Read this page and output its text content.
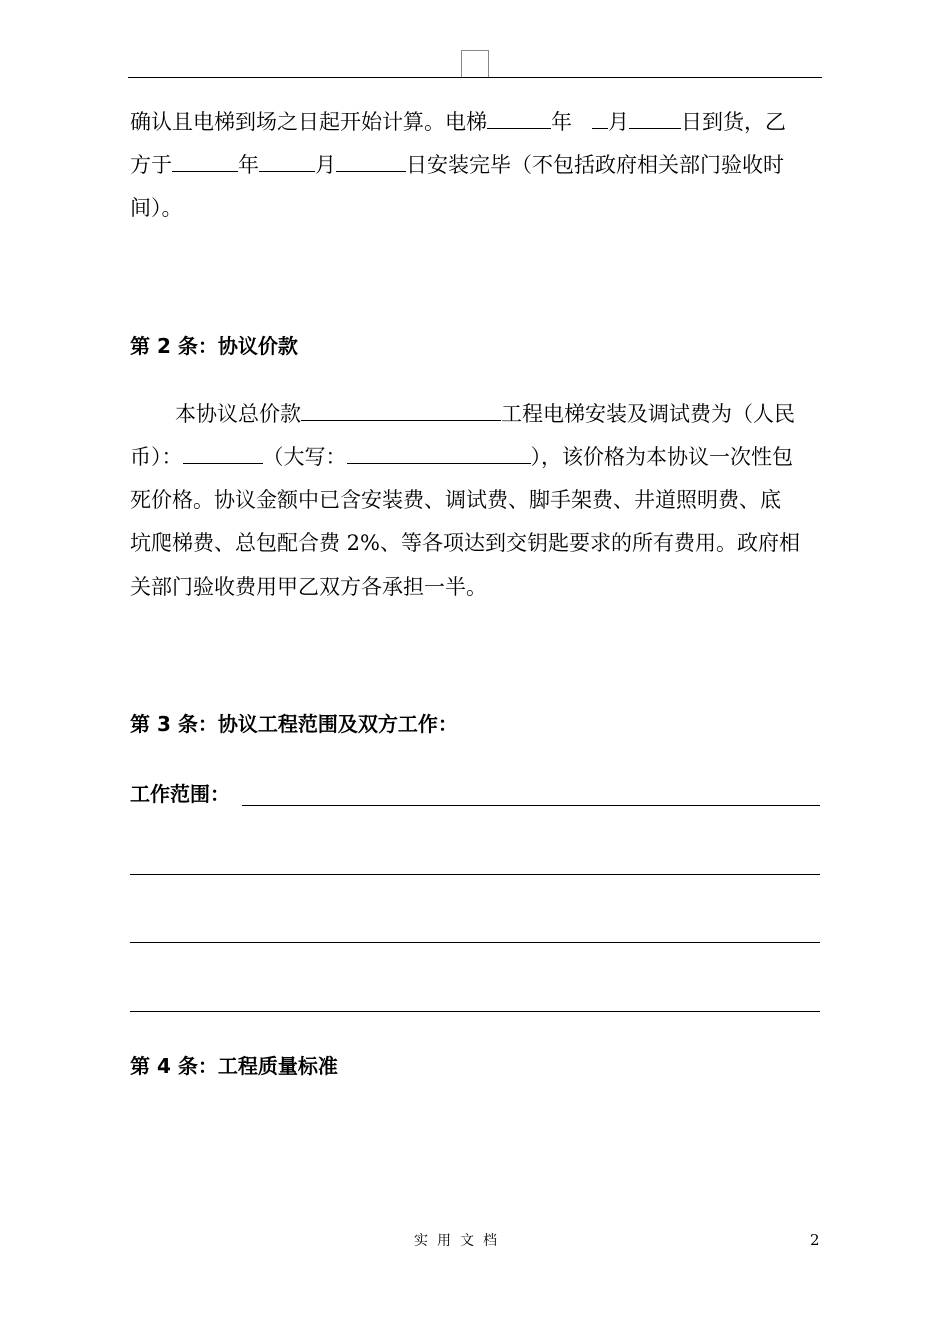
确认且电梯到场之日起开始计算。电梯	年 月 日到货，乙
方于	年	月	日安装完毕（不包括政府相关部门验收时
间）。
第 2 条：协议价款
本协议总价款	工程电梯安装及调试费为（人民
币）：	（大写：	），该价格为本协议一次性包
死价格。协议金额中已含安装费、调试费、脚手架费、井道照明费、底
坑爬梯费、总包配合费 2%、等各项达到交钥匙要求的所有费用。政府相
关部门验收费用甲乙双方各承担一半。
第 3 条：协议工程范围及双方工作：
工作范围：
第 4 条：工程质量标准
实用文档	2
